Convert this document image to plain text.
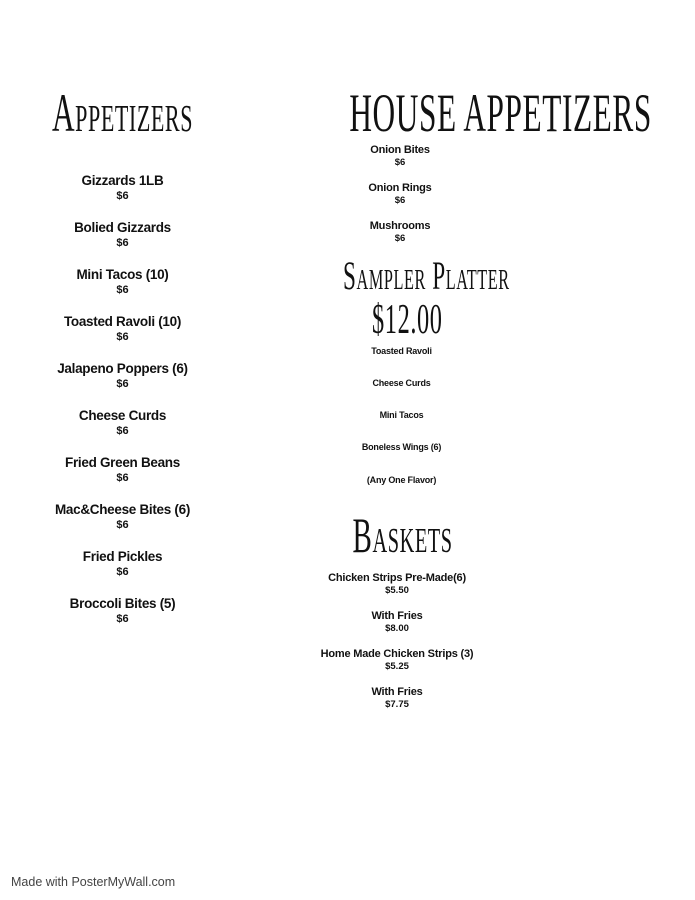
Appetizers
Gizzards 1LB
$6
Bolied Gizzards
$6
Mini Tacos (10)
$6
Toasted Ravoli (10)
$6
Jalapeno Poppers (6)
$6
Cheese Curds
$6
Fried Green Beans
$6
Mac&Cheese Bites (6)
$6
Fried Pickles
$6
Broccoli Bites (5)
$6
HOUSE APPETIZERS
Onion Bites
$6
Onion Rings
$6
Mushrooms
$6
Sampler Platter
$12.00
Toasted Ravoli
Cheese Curds
Mini Tacos
Boneless Wings (6)
(Any One Flavor)
Baskets
Chicken Strips Pre-Made(6)
$5.50
With Fries
$8.00
Home Made Chicken Strips (3)
$5.25
With Fries
$7.75
Made with PosterMyWall.com
